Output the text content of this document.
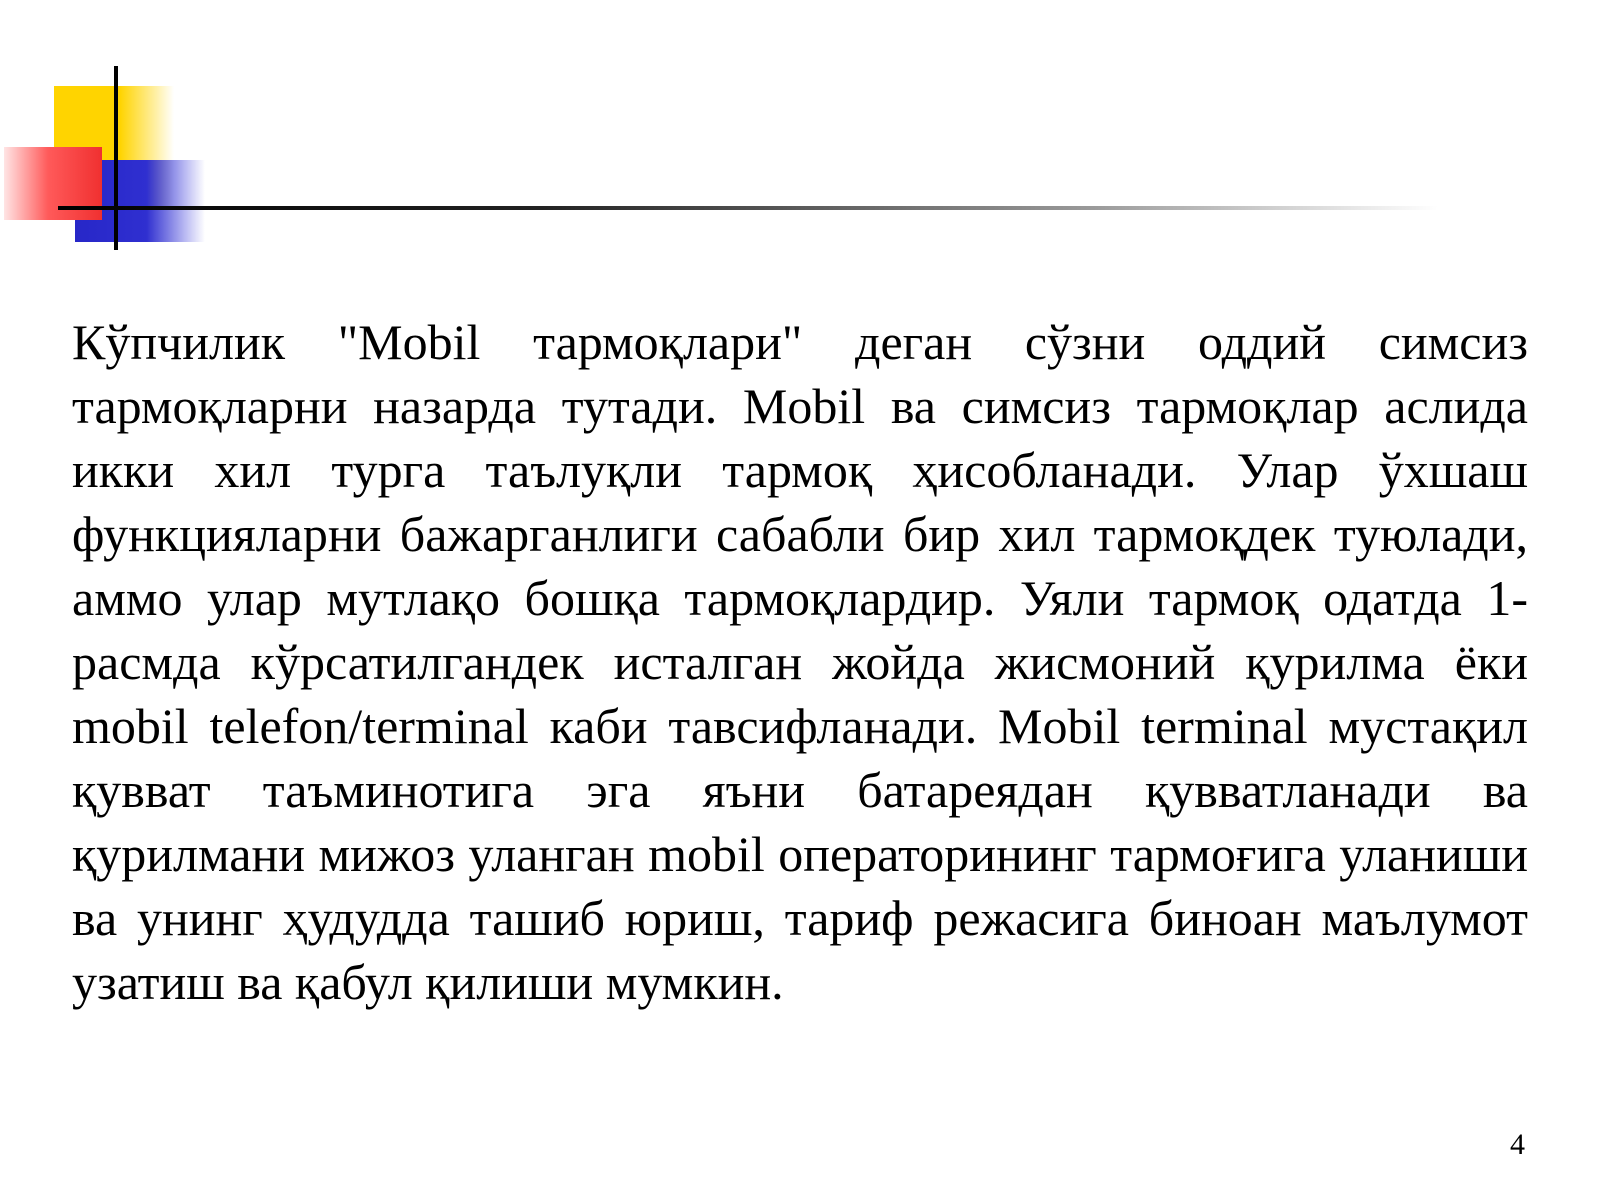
Кўпчилик "Mobil тармоқлари" деган сўзни оддий симсиз тармоқларни назарда тутади. Mobil ва симсиз тармоқлар аслида икки хил турга таълуқли тармоқ ҳисобланади. Улар ўхшаш функцияларни бажарганлиги сабабли бир хил тармоқдек туюлади, аммо улар мутлақо бошқа тармоқлардир. Уяли тармоқ одатда 1-расмда кўрсатилгандек исталган жойда жисмоний қурилма ёки mobil telefon/terminal каби тавсифланади. Mobil terminal мустақил қувват таъминотига эга яъни батареядан қувватланади ва қурилмани мижоз уланган mobil операторининг тармоғига уланиши ва унинг ҳудудда ташиб юриш, тариф режасига биноан маълумот узатиш ва қабул қилиши мумкин.

4
